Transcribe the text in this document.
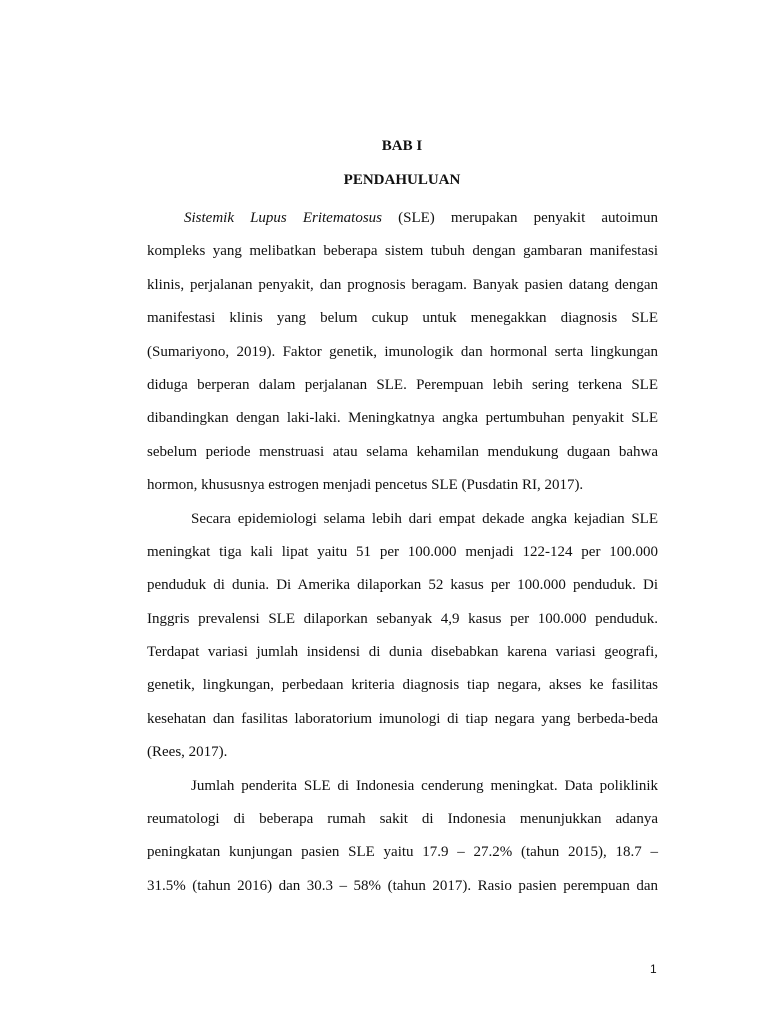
BAB I
PENDAHULUAN
Sistemik Lupus Eritematosus (SLE) merupakan penyakit autoimun
kompleks yang melibatkan beberapa sistem tubuh dengan gambaran manifestasi
klinis, perjalanan penyakit, dan prognosis beragam. Banyak pasien datang dengan
manifestasi klinis yang belum cukup untuk menegakkan diagnosis SLE
(Sumariyono, 2019). Faktor genetik, imunologik dan hormonal serta lingkungan
diduga berperan dalam perjalanan SLE. Perempuan lebih sering terkena SLE
dibandingkan dengan laki-laki. Meningkatnya angka pertumbuhan penyakit SLE
sebelum periode menstruasi atau selama kehamilan mendukung dugaan bahwa
hormon, khususnya estrogen menjadi pencetus SLE (Pusdatin RI, 2017).
Secara epidemiologi selama lebih dari empat dekade angka kejadian SLE
meningkat tiga kali lipat yaitu 51 per 100.000 menjadi 122-124 per 100.000
penduduk di dunia. Di Amerika dilaporkan 52 kasus per 100.000 penduduk. Di
Inggris prevalensi SLE dilaporkan sebanyak 4,9 kasus per 100.000 penduduk.
Terdapat variasi jumlah insidensi di dunia disebabkan karena variasi geografi,
genetik, lingkungan, perbedaan kriteria diagnosis tiap negara, akses ke fasilitas
kesehatan dan fasilitas laboratorium imunologi di tiap negara yang berbeda-beda
(Rees, 2017).
Jumlah penderita SLE di Indonesia cenderung meningkat. Data poliklinik
reumatologi di beberapa rumah sakit di Indonesia menunjukkan adanya
peningkatan kunjungan pasien SLE yaitu 17.9 – 27.2% (tahun 2015), 18.7 –
31.5% (tahun 2016) dan 30.3 – 58% (tahun 2017). Rasio pasien perempuan dan
1
